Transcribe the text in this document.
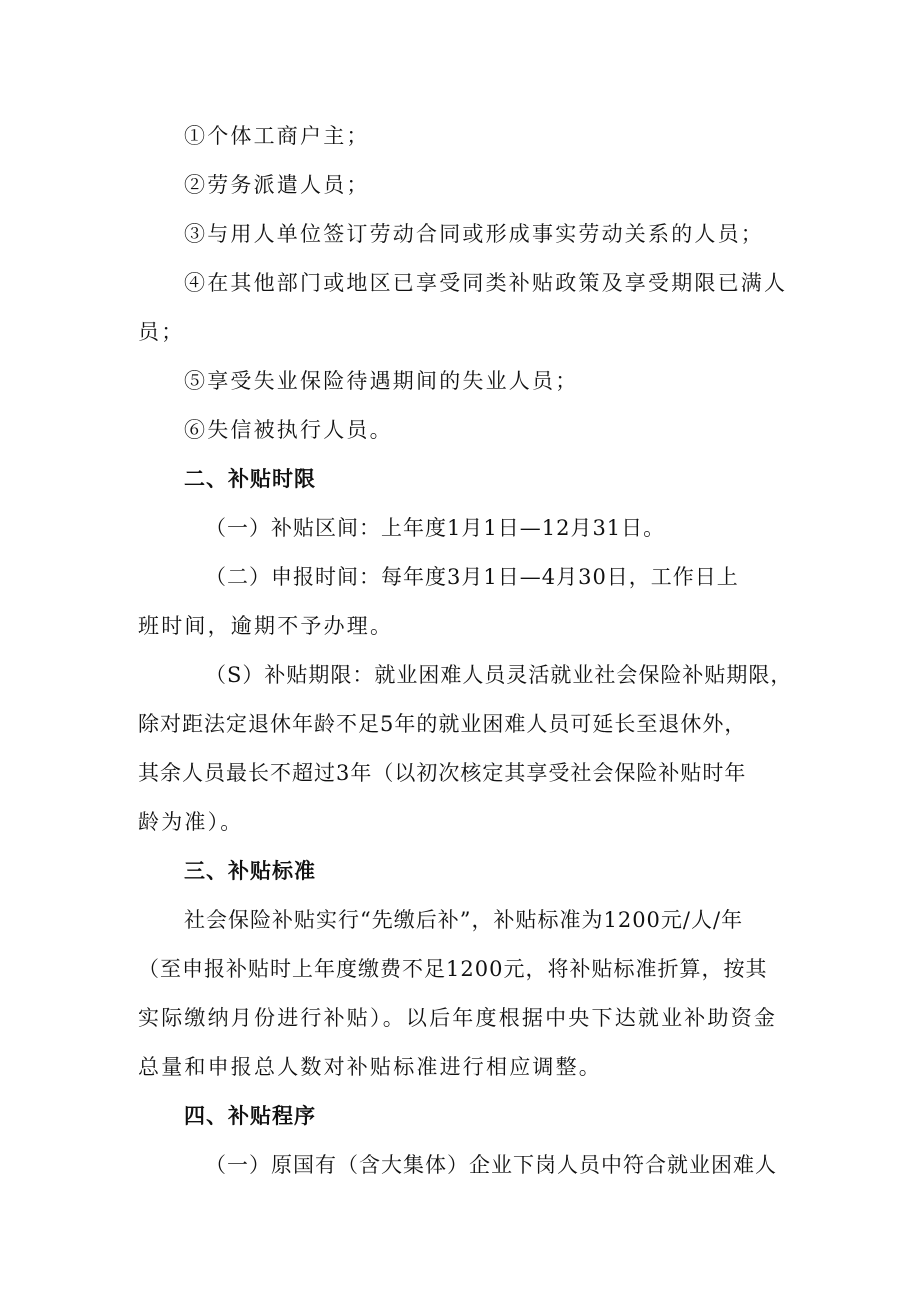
①个体工商户主；
②劳务派遣人员；
③与用人单位签订劳动合同或形成事实劳动关系的人员；
④在其他部门或地区已享受同类补贴政策及享受期限已满人
员；
⑤享受失业保险待遇期间的失业人员；
⑥失信被执行人员。
二、补贴时限
（一）补贴区间：上年度1月1日—12月31日。
（二）申报时间：每年度3月1日—4月30日，工作日上
班时间，逾期不予办理。
（S）补贴期限：就业困难人员灵活就业社会保险补贴期限，
除对距法定退休年龄不足5年的就业困难人员可延长至退休外，
其余人员最长不超过3年（以初次核定其享受社会保险补贴时年
龄为准）。
三、补贴标准
社会保险补贴实行“先缴后补”，补贴标准为1200元/人/年
（至申报补贴时上年度缴费不足1200元，将补贴标准折算，按其
实际缴纳月份进行补贴）。以后年度根据中央下达就业补助资金
总量和申报总人数对补贴标准进行相应调整。
四、补贴程序
（一）原国有（含大集体）企业下岗人员中符合就业困难人
